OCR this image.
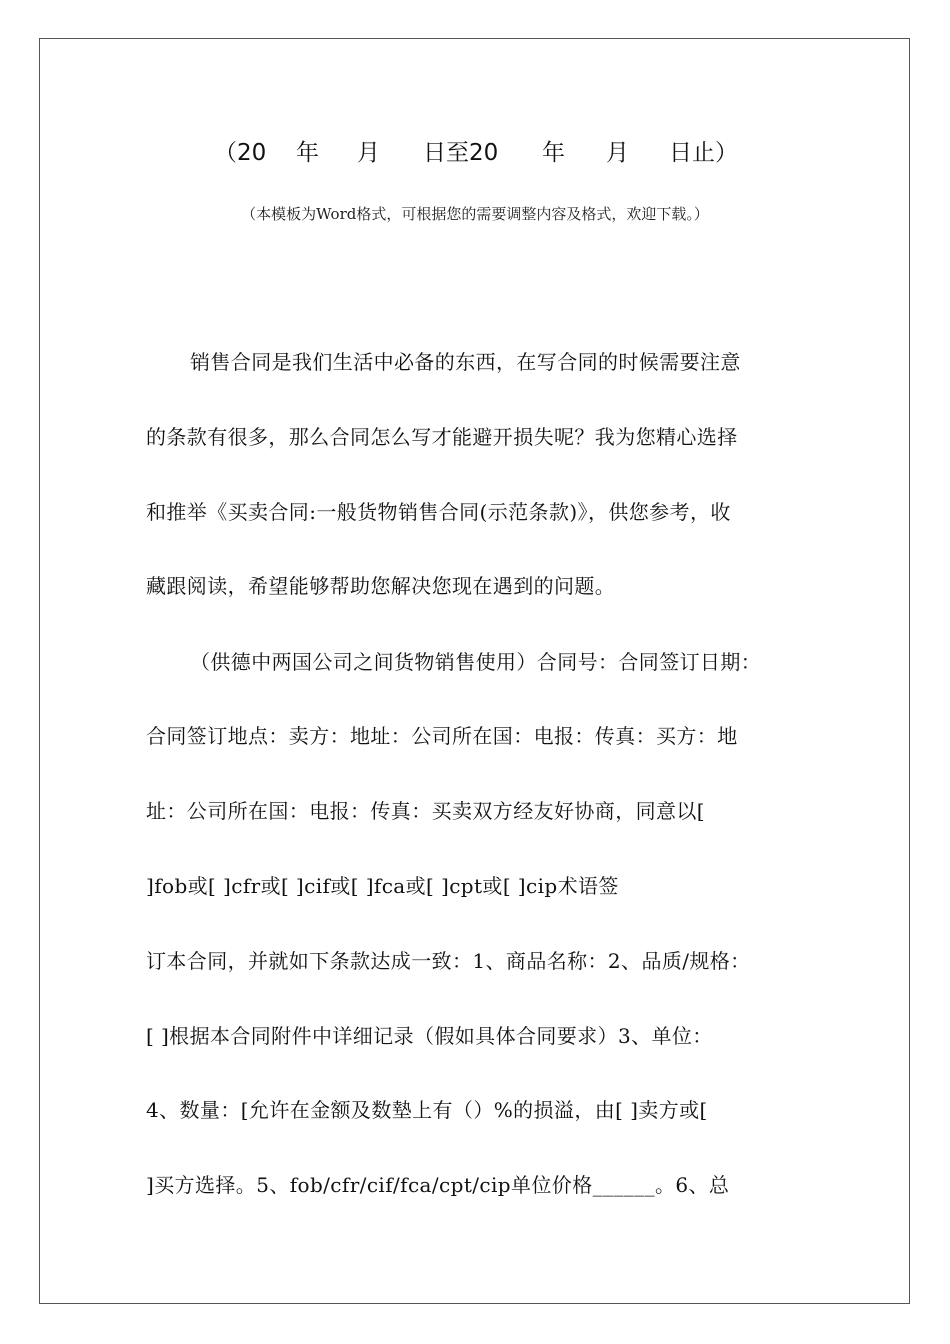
（20 年 月 日至20 年 月 日止）
（本模板为Word格式，可根据您的需要调整内容及格式，欢迎下载。）
销售合同是我们生活中必备的东西，在写合同的时候需要注意
的条款有很多，那么合同怎么写才能避开损失呢？我为您精心选择
和推举《买卖合同:一般货物销售合同(示范条款)》，供您参考，收
藏跟阅读，希望能够帮助您解决您现在遇到的问题。
（供德中两国公司之间货物销售使用）合同号：合同签订日期：
合同签订地点：卖方：地址：公司所在国：电报：传真：买方：地
址：公司所在国：电报：传真：买卖双方经友好协商，同意以[
]fob或[ ]cfr或[ ]cif或[ ]fca或[ ]cpt或[ ]cip术语签
订本合同，并就如下条款达成一致：1、商品名称：2、品质/规格：
[ ]根据本合同附件中详细记录（假如具体合同要求）3、单位：
4、数量：[允许在金额及数墊上有（）%的损溢，由[ ]卖方或[
]买方选择。5、fob/cfr/cif/fca/cpt/cip单位价格______。6、总
